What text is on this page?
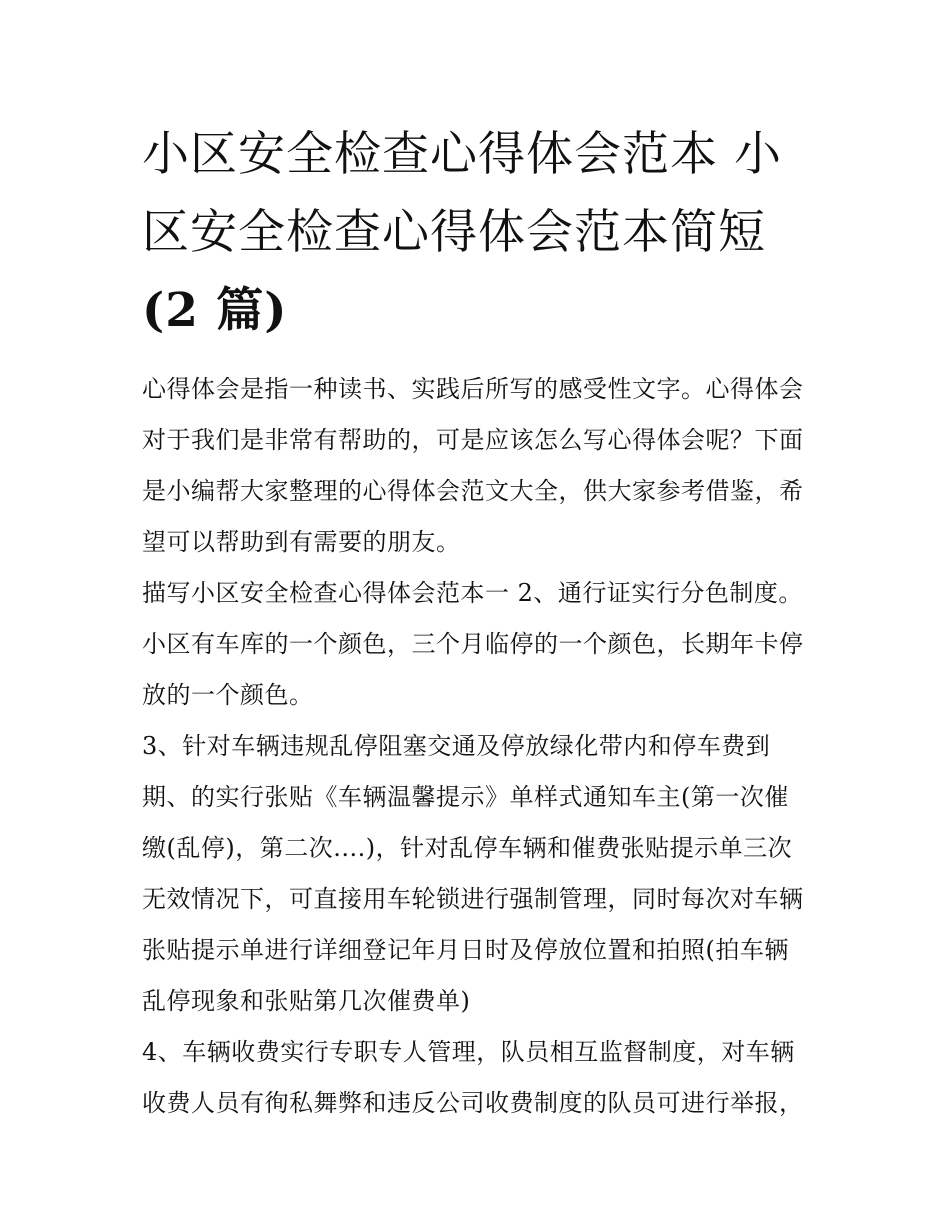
小区安全检查心得体会范本 小
区安全检查心得体会范本简短
(2 篇)

心得体会是指一种读书、实践后所写的感受性文字。心得体会
对于我们是非常有帮助的，可是应该怎么写心得体会呢？下面
是小编帮大家整理的心得体会范文大全，供大家参考借鉴，希
望可以帮助到有需要的朋友。

描写小区安全检查心得体会范本一 2、通行证实行分色制度。
小区有车库的一个颜色，三个月临停的一个颜色，长期年卡停
放的一个颜色。

3、针对车辆违规乱停阻塞交通及停放绿化带内和停车费到
期、的实行张贴《车辆温馨提示》单样式通知车主(第一次催
缴(乱停)，第二次....)，针对乱停车辆和催费张贴提示单三次
无效情况下，可直接用车轮锁进行强制管理，同时每次对车辆
张贴提示单进行详细登记年月日时及停放位置和拍照(拍车辆
乱停现象和张贴第几次催费单)

4、车辆收费实行专职专人管理，队员相互监督制度，对车辆
收费人员有徇私舞弊和违反公司收费制度的队员可进行举报，
